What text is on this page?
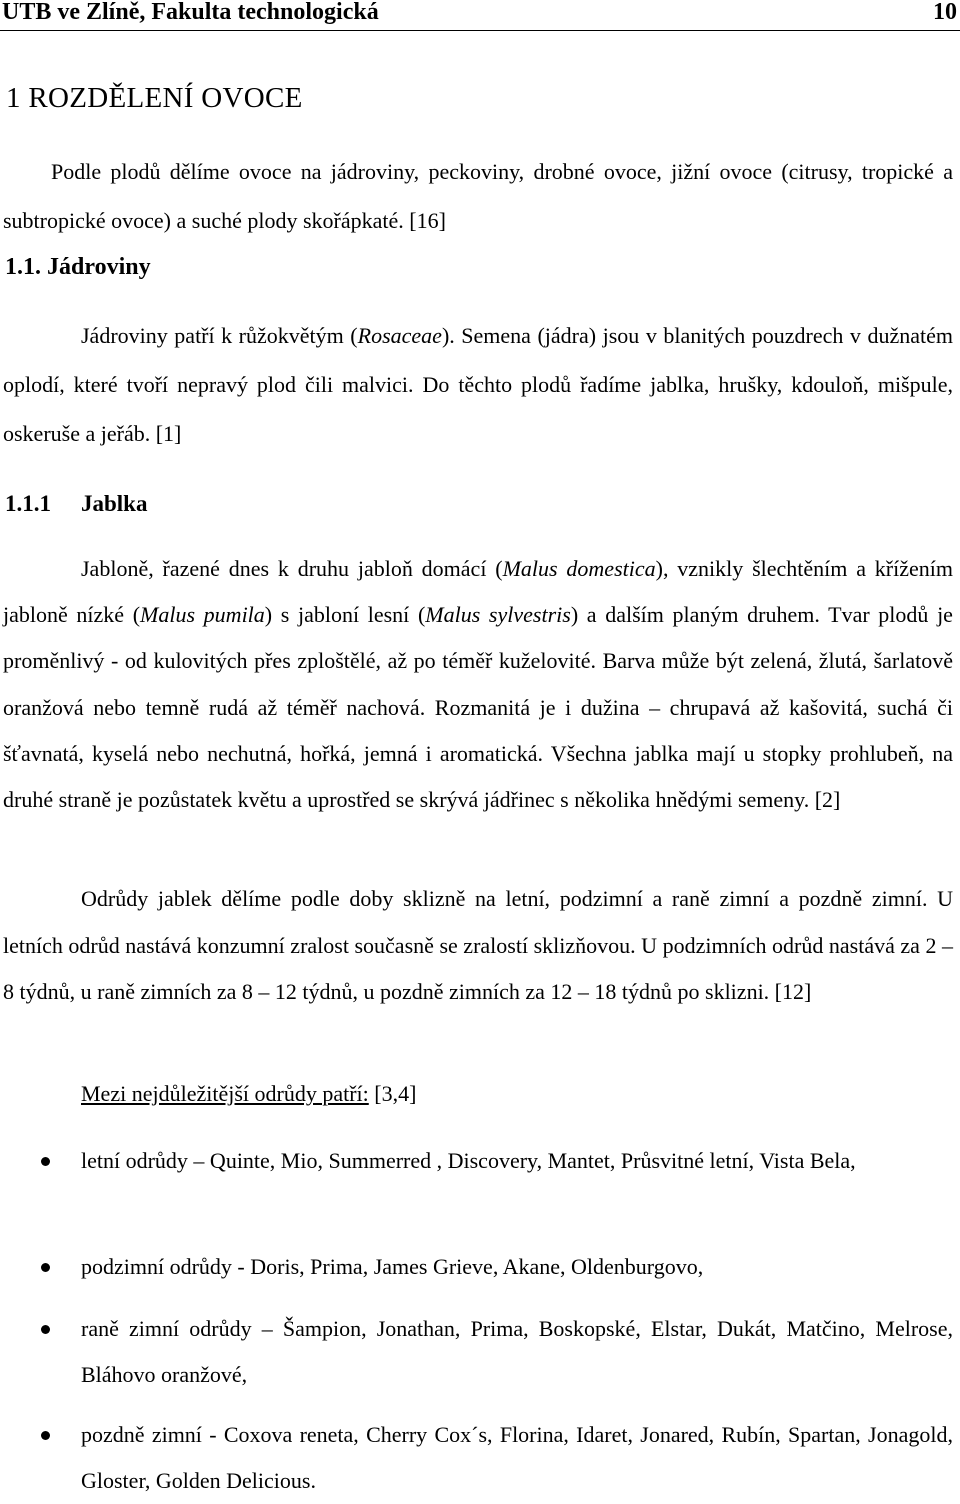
UTB ve Zlíně, Fakulta technologická	10
1 ROZDĚLENÍ OVOCE

Podle plodů dělíme ovoce na jádroviny, peckoviny, drobné ovoce, jižní ovoce (citrusy, tropické a subtropické ovoce) a suché plody skořápkaté. [16]

1.1. Jádroviny

Jádroviny patří k růžokvětým (Rosaceae). Semena (jádra) jsou v blanitých pouzdrech v dužnatém oplodí, které tvoří nepravý plod čili malvici. Do těchto plodů řadíme jablka, hrušky, kdouloň, mišpule, oskeruše a jeřáb. [1]

1.1.1 Jablka

Jabloně, řazené dnes k druhu jabloň domácí (Malus domestica), vznikly šlechtěním a křížením jabloně nízké (Malus pumila) s jabloní lesní (Malus sylvestris) a dalším planým druhem. Tvar plodů je proměnlivý - od kulovitých přes zploštělé, až po téměř kuželovité. Barva může být zelená, žlutá, šarlatově oranžová nebo temně rudá až téměř nachová. Rozmanitá je i dužina – chrupavá až kašovitá, suchá či šťavnatá, kyselá nebo nechutná, hořká, jemná i aromatická. Všechna jablka mají u stopky prohlubeň, na druhé straně je pozůstatek květu a uprostřed se skrývá jádřinec s několika hnědými semeny. [2]

Odrůdy jablek dělíme podle doby sklizně na letní, podzimní a raně zimní a pozdně zimní. U letních odrůd nastává konzumní zralost současně se zralostí sklizňovou. U podzimních odrůd nastává za 2 – 8 týdnů, u raně zimních za 8 – 12 týdnů, u pozdně zimních za 12 – 18 týdnů po sklizni. [12]

Mezi nejdůležitější odrůdy patří: [3,4]
letní odrůdy – Quinte, Mio, Summerred , Discovery, Mantet, Průsvitné letní, Vista Bela,
podzimní odrůdy - Doris, Prima, James Grieve, Akane, Oldenburgovo,
raně zimní odrůdy – Šampion, Jonathan, Prima, Boskopské, Elstar, Dukát, Matčino, Melrose, Bláhovo oranžové,
pozdně zimní - Coxova reneta, Cherry Cox´s, Florina, Idaret, Jonared, Rubín, Spartan, Jonagold, Gloster, Golden Delicious.
